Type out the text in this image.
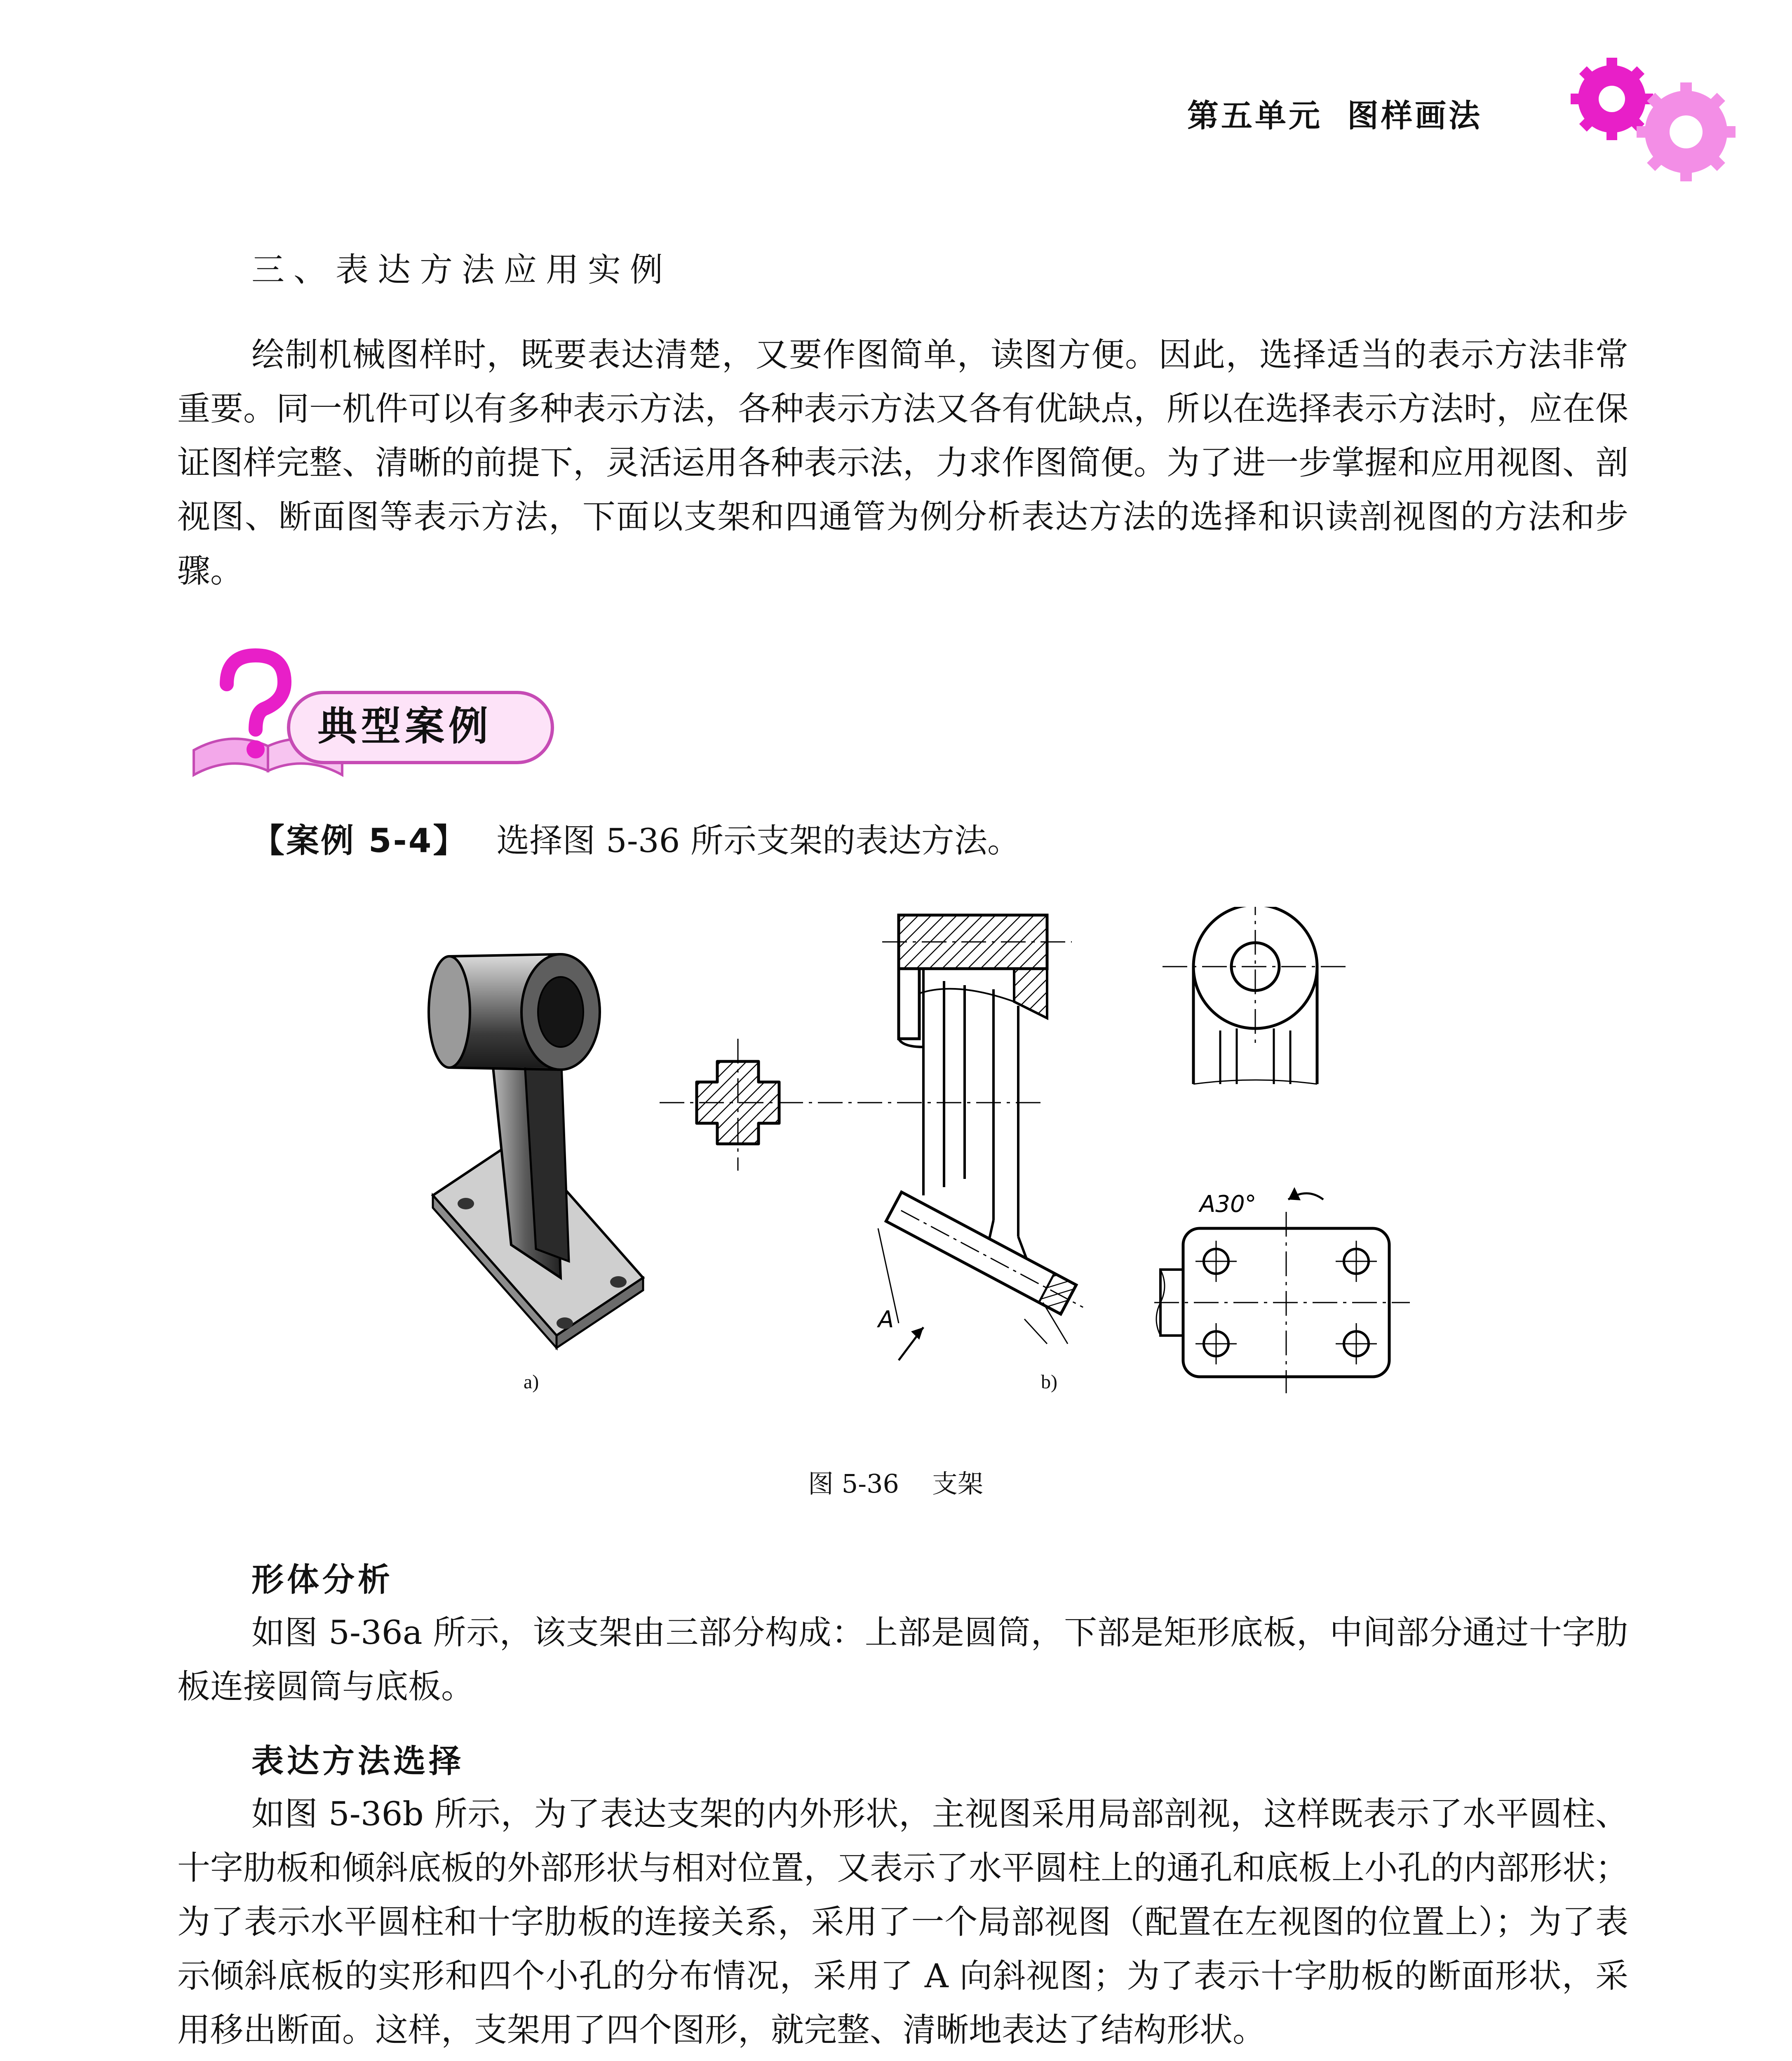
第五单元 图样画法
三、表达方法应用实例
绘制机械图样时，既要表达清楚，又要作图简单，读图方便。因此，选择适当的表示方法非常重要。同一机件可以有多种表示方法，各种表示方法又各有优缺点，所以在选择表示方法时，应在保证图样完整、清晰的前提下，灵活运用各种表示法，力求作图简便。为了进一步掌握和应用视图、剖视图、断面图等表示方法，下面以支架和四通管为例分析表达方法的选择和识读剖视图的方法和步骤。
典型案例
【案例 5-4】 选择图 5-36 所示支架的表达方法。
A
A30°
a)	b)
图 5-36 支架
形体分析
如图 5-36a 所示，该支架由三部分构成：上部是圆筒，下部是矩形底板，中间部分通过十字肋板连接圆筒与底板。
表达方法选择
如图 5-36b 所示，为了表达支架的内外形状，主视图采用局部剖视，这样既表示了水平圆柱、十字肋板和倾斜底板的外部形状与相对位置，又表示了水平圆柱上的通孔和底板上小孔的内部形状；为了表示水平圆柱和十字肋板的连接关系，采用了一个局部视图（配置在左视图的位置上）；为了表示倾斜底板的实形和四个小孔的分布情况，采用了 A 向斜视图；为了表示十字肋板的断面形状，采用移出断面。这样，支架用了四个图形，就完整、清晰地表达了结构形状。
